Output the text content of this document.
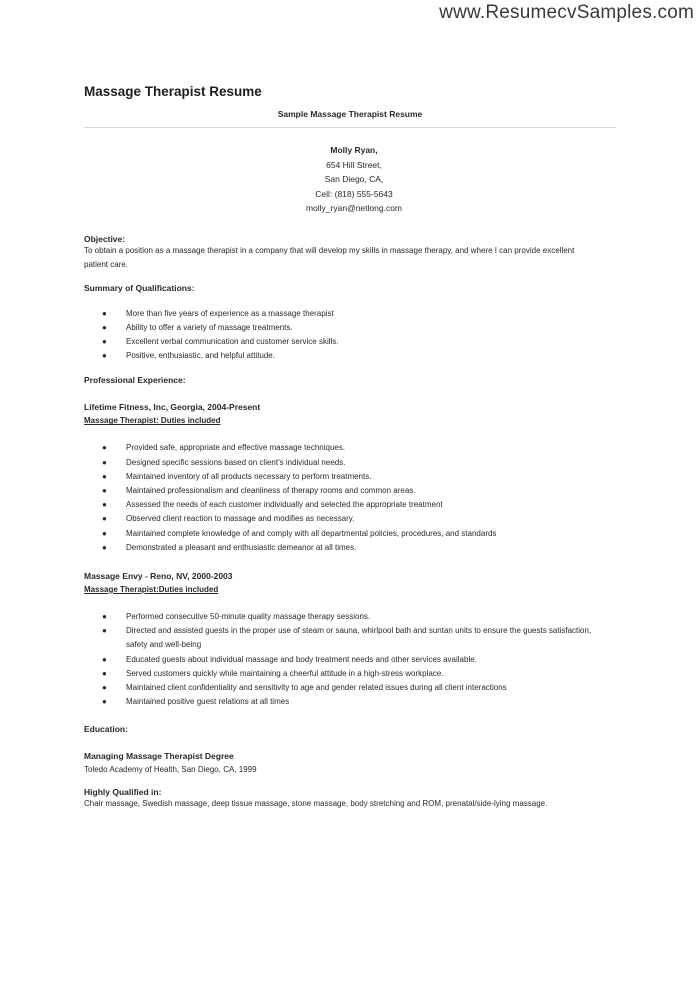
www.ResumecvSamples.com
Massage Therapist Resume
Sample Massage Therapist Resume
Molly Ryan,
654 Hill Street,
San Diego, CA,
Cell: (818) 555-5643
molly_ryan@netlong.com

Objective:

To obtain a position as a massage therapist in a company that will develop my skills in massage therapy, and where I can provide excellent patient care.

Summary of Qualifications:

● More than five years of experience as a massage therapist
● Ability to offer a variety of massage treatments.
● Excellent verbal communication and customer service skills.
● Positive, enthusiastic, and helpful attitude.

Professional Experience:

Lifetime Fitness, Inc, Georgia, 2004-Present

Massage Therapist: Duties included

● Provided safe, appropriate and effective massage techniques.
● Designed specific sessions based on client's individual needs.
● Maintained inventory of all products necessary to perform treatments.
● Maintained professionalism and cleanliness of therapy rooms and common areas.
● Assessed the needs of each customer individually and selected the appropriate treatment
● Observed client reaction to massage and modifies as necessary.
● Maintained complete knowledge of and comply with all departmental policies, procedures, and standards
● Demonstrated a pleasant and enthusiastic demeanor at all times.

Massage Envy - Reno, NV, 2000-2003

Massage Therapist:Duties included

● Performed consecutive 50-minute quality massage therapy sessions.
● Directed and assisted guests in the proper use of steam or sauna, whirlpool bath and suntan units to ensure the guests satisfaction, safety and well-being
● Educated guests about individual massage and body treatment needs and other services available.
● Served customers quickly while maintaining a cheerful attitude in a high-stress workplace.
● Maintained client confidentiality and sensitivity to age and gender related issues during all client interactions
● Maintained positive guest relations at all times

Education:

Managing Massage Therapist Degree

Toledo Academy of Health, San Diego, CA, 1999

Highly Qualified in:

Chair massage, Swedish massage, deep tissue massage, stone massage, body stretching and ROM, prenatal/side-lying massage.
